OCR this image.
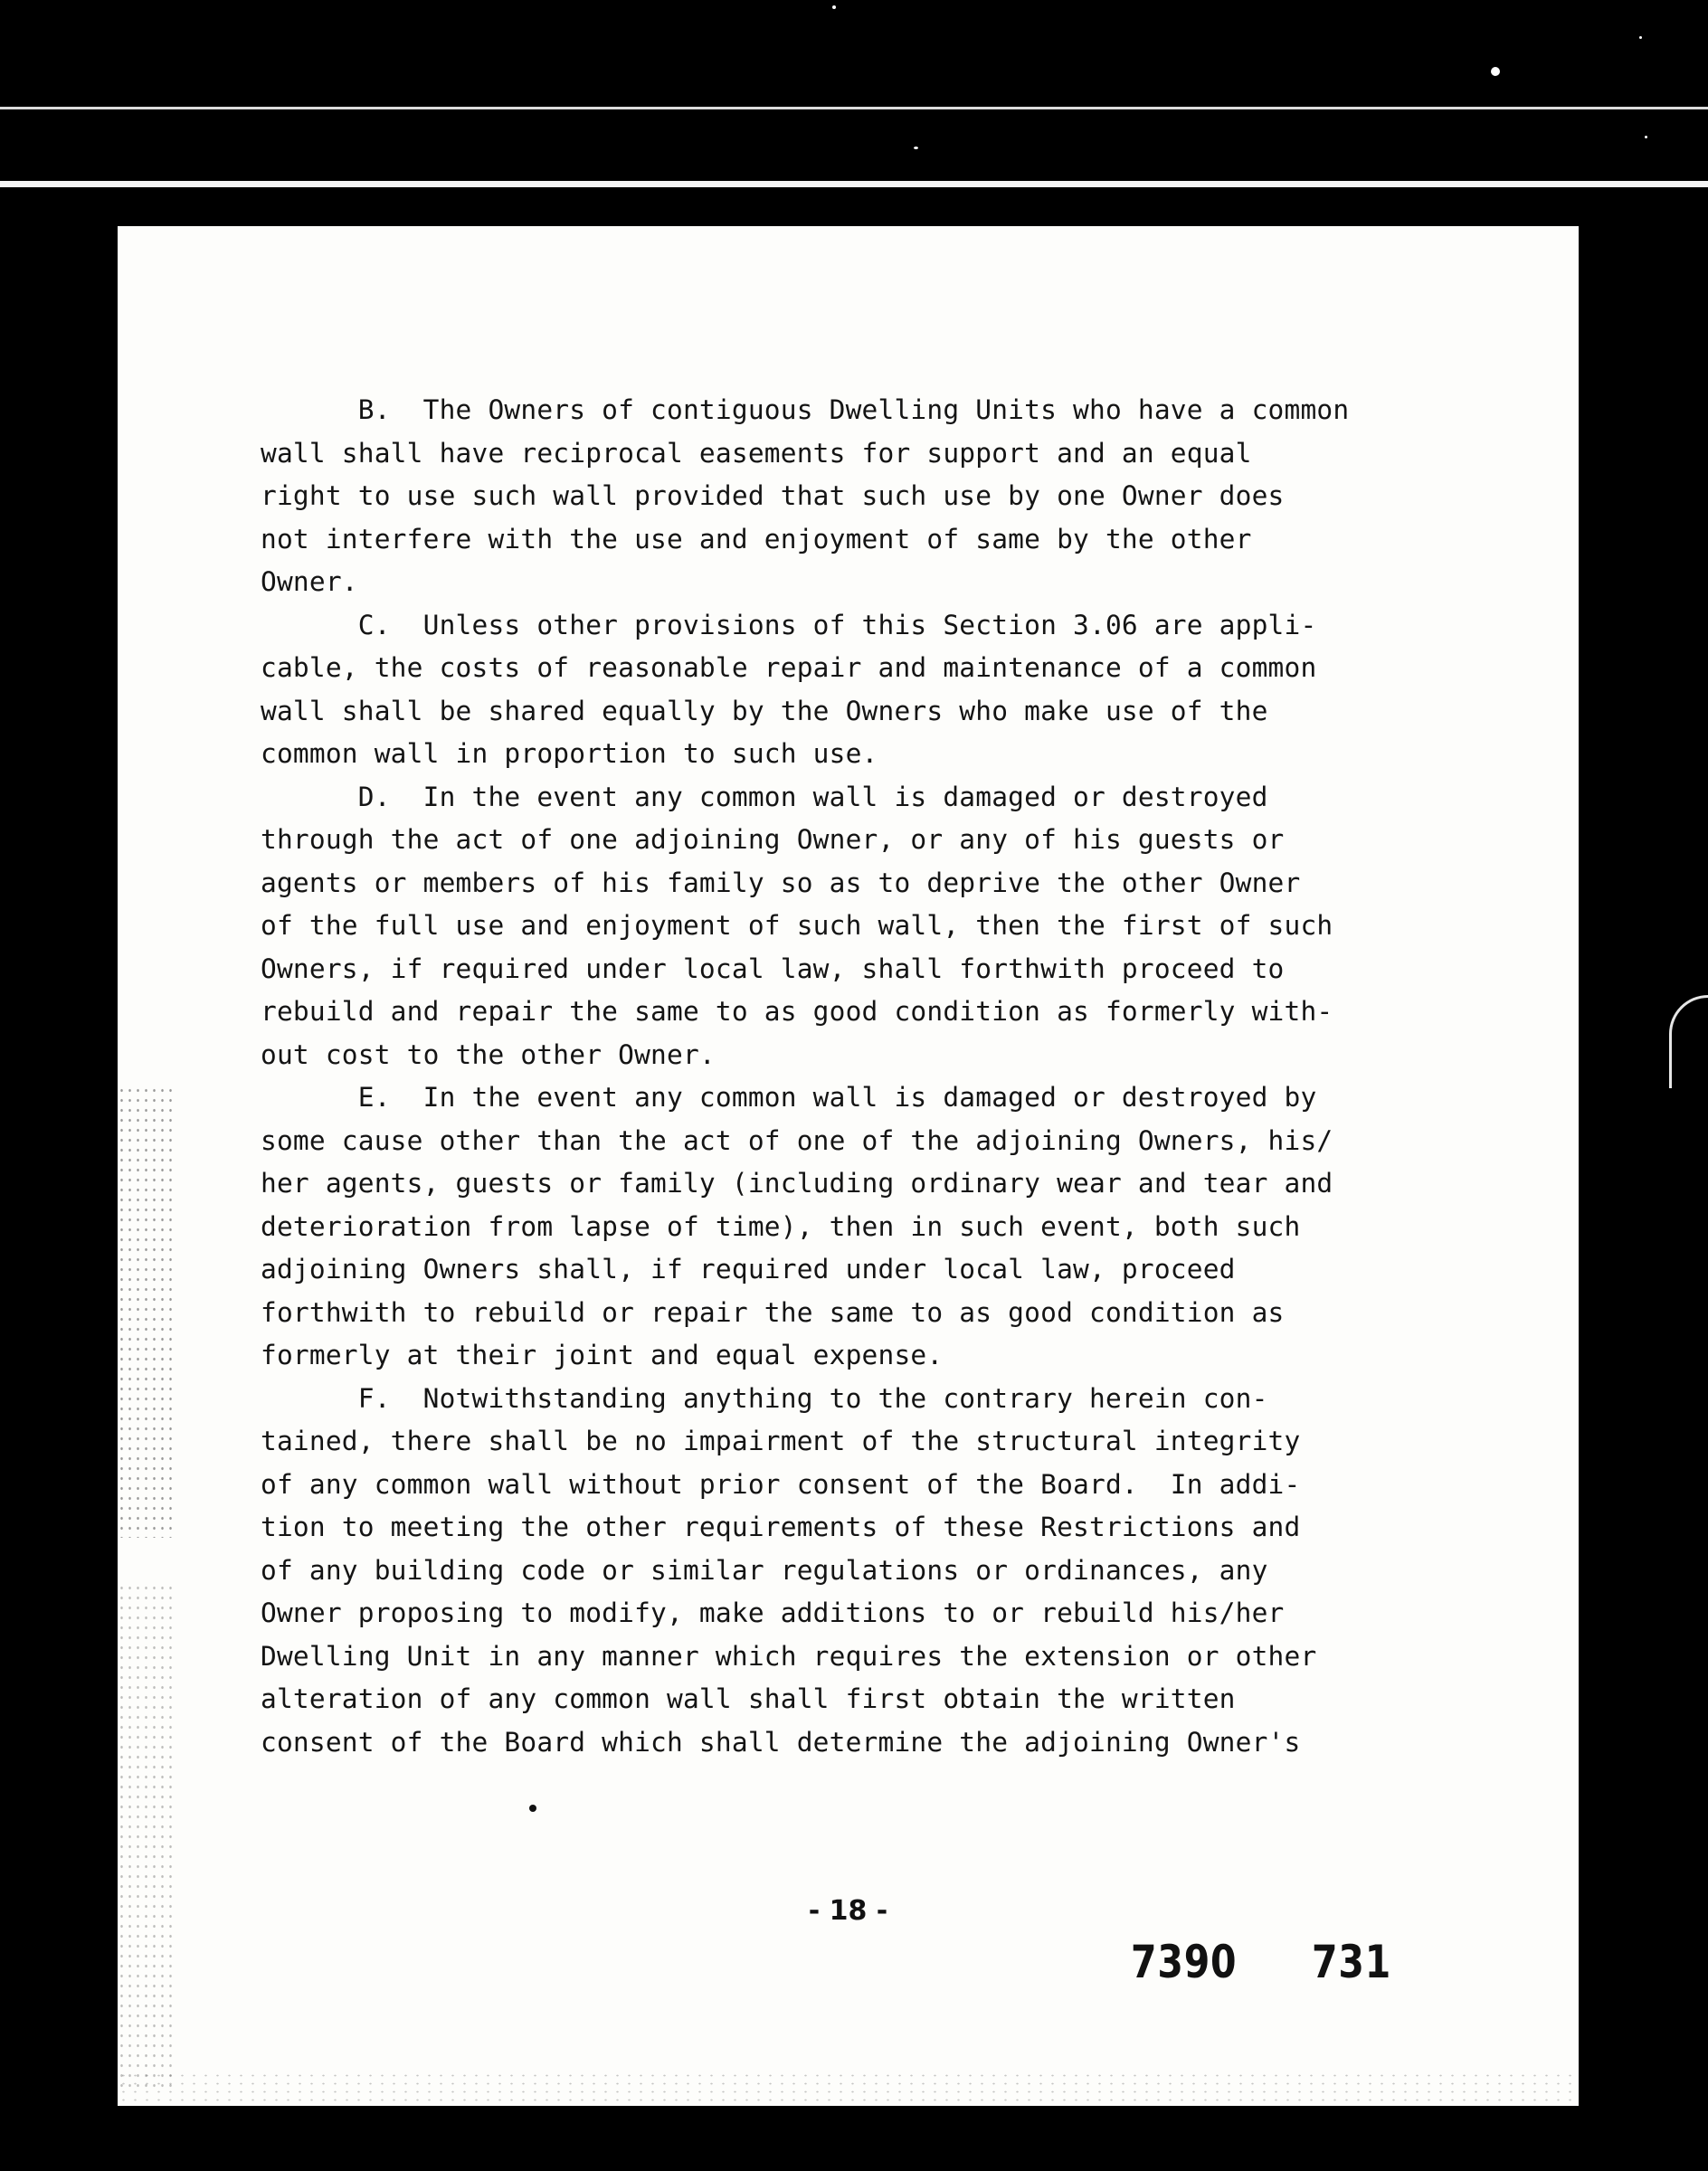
B.  The Owners of contiguous Dwelling Units who have a common

wall shall have reciprocal easements for support and an equal

right to use such wall provided that such use by one Owner does

not interfere with the use and enjoyment of same by the other

Owner.

C.  Unless other provisions of this Section 3.06 are appli-

cable, the costs of reasonable repair and maintenance of a common

wall shall be shared equally by the Owners who make use of the

common wall in proportion to such use.

D.  In the event any common wall is damaged or destroyed

through the act of one adjoining Owner, or any of his guests or

agents or members of his family so as to deprive the other Owner

of the full use and enjoyment of such wall, then the first of such

Owners, if required under local law, shall forthwith proceed to

rebuild and repair the same to as good condition as formerly with-

out cost to the other Owner.

E.  In the event any common wall is damaged or destroyed by

some cause other than the act of one of the adjoining Owners, his/

her agents, guests or family (including ordinary wear and tear and

deterioration from lapse of time), then in such event, both such

adjoining Owners shall, if required under local law, proceed

forthwith to rebuild or repair the same to as good condition as

formerly at their joint and equal expense.

F.  Notwithstanding anything to the contrary herein con-

tained, there shall be no impairment of the structural integrity

of any common wall without prior consent of the Board.  In addi-

tion to meeting the other requirements of these Restrictions and

of any building code or similar regulations or ordinances, any

Owner proposing to modify, make additions to or rebuild his/her

Dwelling Unit in any manner which requires the extension or other

alteration of any common wall shall first obtain the written

consent of the Board which shall determine the adjoining Owner's

- 18 -
7390 731
